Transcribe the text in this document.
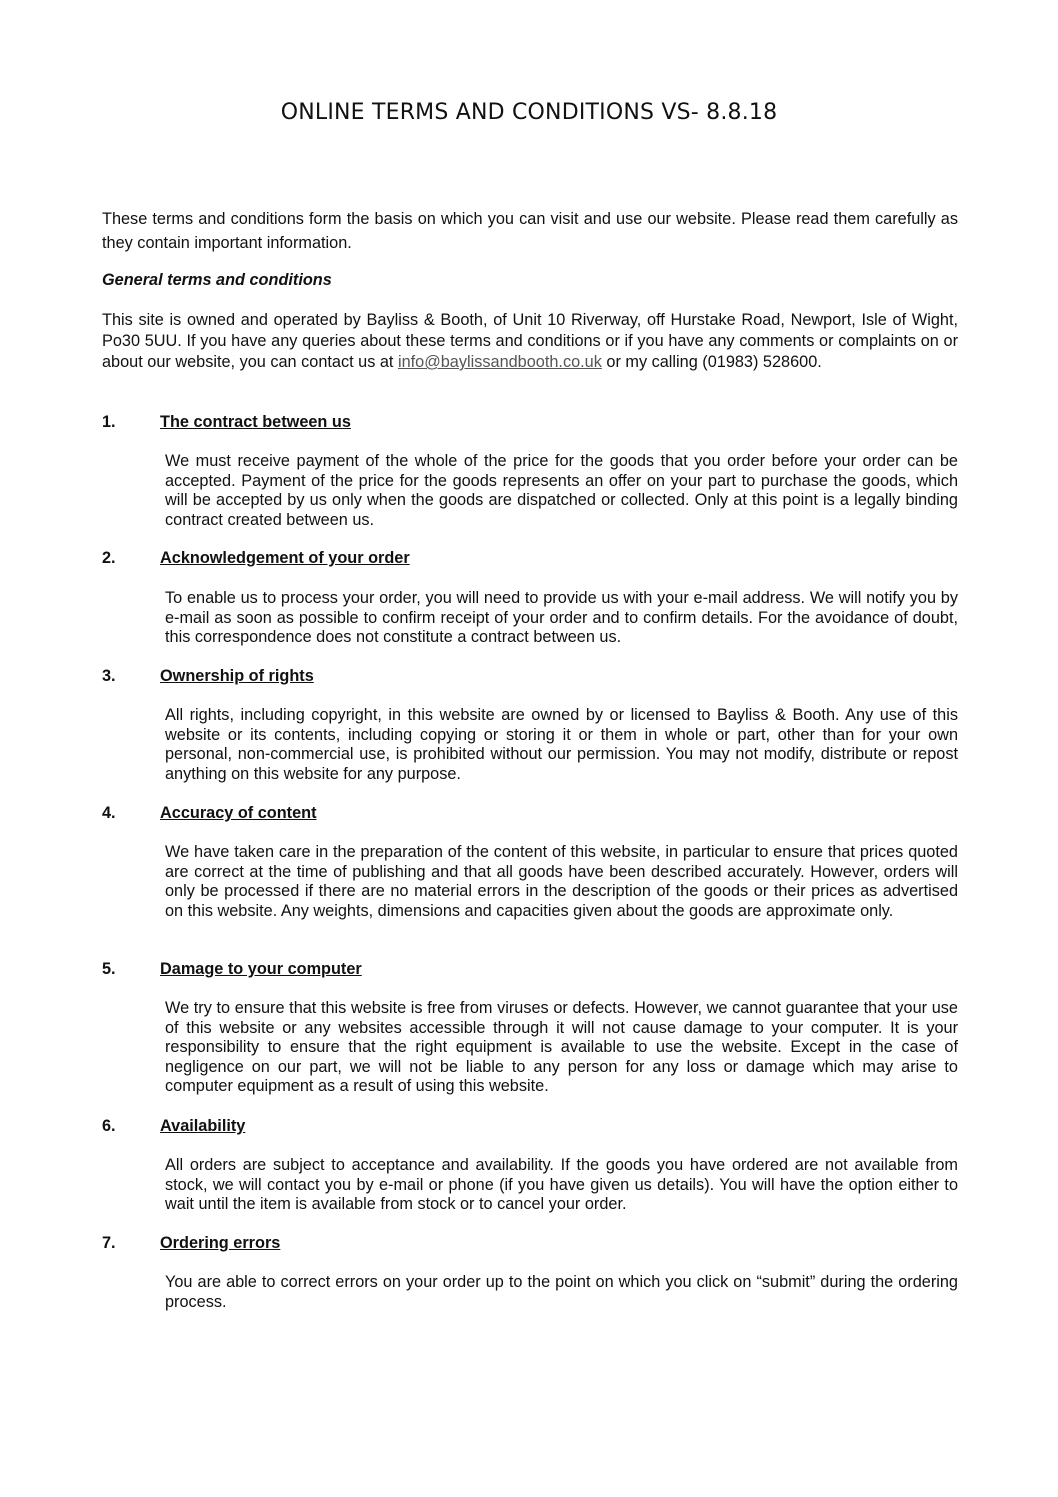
ONLINE TERMS AND CONDITIONS VS- 8.8.18
These terms and conditions form the basis on which you can visit and use our website. Please read them carefully as they contain important information.
General terms and conditions
This site is owned and operated by Bayliss & Booth, of Unit 10 Riverway, off Hurstake Road, Newport, Isle of Wight, Po30 5UU. If you have any queries about these terms and conditions or if you have any comments or complaints on or about our website, you can contact us at info@baylissandbooth.co.uk or my calling (01983) 528600.
1.	The contract between us
We must receive payment of the whole of the price for the goods that you order before your order can be accepted. Payment of the price for the goods represents an offer on your part to purchase the goods, which will be accepted by us only when the goods are dispatched or collected. Only at this point is a legally binding contract created between us.
2.	Acknowledgement of your order
To enable us to process your order, you will need to provide us with your e-mail address. We will notify you by e-mail as soon as possible to confirm receipt of your order and to confirm details. For the avoidance of doubt, this correspondence does not constitute a contract between us.
3.	Ownership of rights
All rights, including copyright, in this website are owned by or licensed to Bayliss & Booth. Any use of this website or its contents, including copying or storing it or them in whole or part, other than for your own personal, non-commercial use, is prohibited without our permission. You may not modify, distribute or repost anything on this website for any purpose.
4.	Accuracy of content
We have taken care in the preparation of the content of this website, in particular to ensure that prices quoted are correct at the time of publishing and that all goods have been described accurately. However, orders will only be processed if there are no material errors in the description of the goods or their prices as advertised on this website. Any weights, dimensions and capacities given about the goods are approximate only.
5.	Damage to your computer
We try to ensure that this website is free from viruses or defects. However, we cannot guarantee that your use of this website or any websites accessible through it will not cause damage to your computer. It is your responsibility to ensure that the right equipment is available to use the website. Except in the case of negligence on our part, we will not be liable to any person for any loss or damage which may arise to computer equipment as a result of using this website.
6.	Availability
All orders are subject to acceptance and availability. If the goods you have ordered are not available from stock, we will contact you by e-mail or phone (if you have given us details). You will have the option either to wait until the item is available from stock or to cancel your order.
7.	Ordering errors
You are able to correct errors on your order up to the point on which you click on “submit” during the ordering process.
